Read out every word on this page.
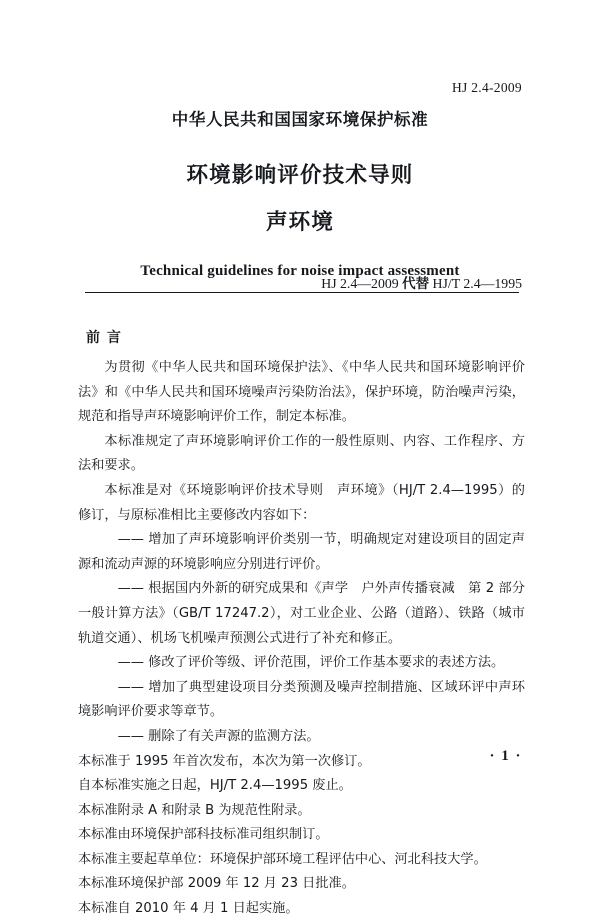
HJ 2.4-2009
中华人民共和国国家环境保护标准
环境影响评价技术导则
声环境
Technical guidelines for noise impact assessment
HJ 2.4—2009 代替 HJ/T 2.4—1995
前 言

为贯彻《中华人民共和国环境保护法》、《中华人民共和国环境影响评价法》和《中华人民共和国环境噪声污染防治法》，保护环境，防治噪声污染，规范和指导声环境影响评价工作，制定本标准。

本标准规定了声环境影响评价工作的一般性原则、内容、工作程序、方法和要求。

本标准是对《环境影响评价技术导则　声环境》（HJ/T 2.4—1995）的修订，与原标准相比主要修改内容如下：

—— 增加了声环境影响评价类别一节，明确规定对建设项目的固定声源和流动声源的环境影响应分别进行评价。

—— 根据国内外新的研究成果和《声学　户外声传播衰减　第 2 部分　一般计算方法》（GB/T 17247.2），对工业企业、公路（道路）、铁路（城市轨道交通）、机场飞机噪声预测公式进行了补充和修正。

—— 修改了评价等级、评价范围，评价工作基本要求的表述方法。

—— 增加了典型建设项目分类预测及噪声控制措施、区域环评中声环境影响评价要求等章节。

—— 删除了有关声源的监测方法。

本标准于 1995 年首次发布，本次为第一次修订。

自本标准实施之日起，HJ/T 2.4—1995 废止。

本标准附录 A 和附录 B 为规范性附录。

本标准由环境保护部科技标准司组织制订。

本标准主要起草单位：环境保护部环境工程评估中心、河北科技大学。

本标准环境保护部 2009 年 12 月 23 日批准。

本标准自 2010 年 4 月 1 日起实施。

· 1 ·
